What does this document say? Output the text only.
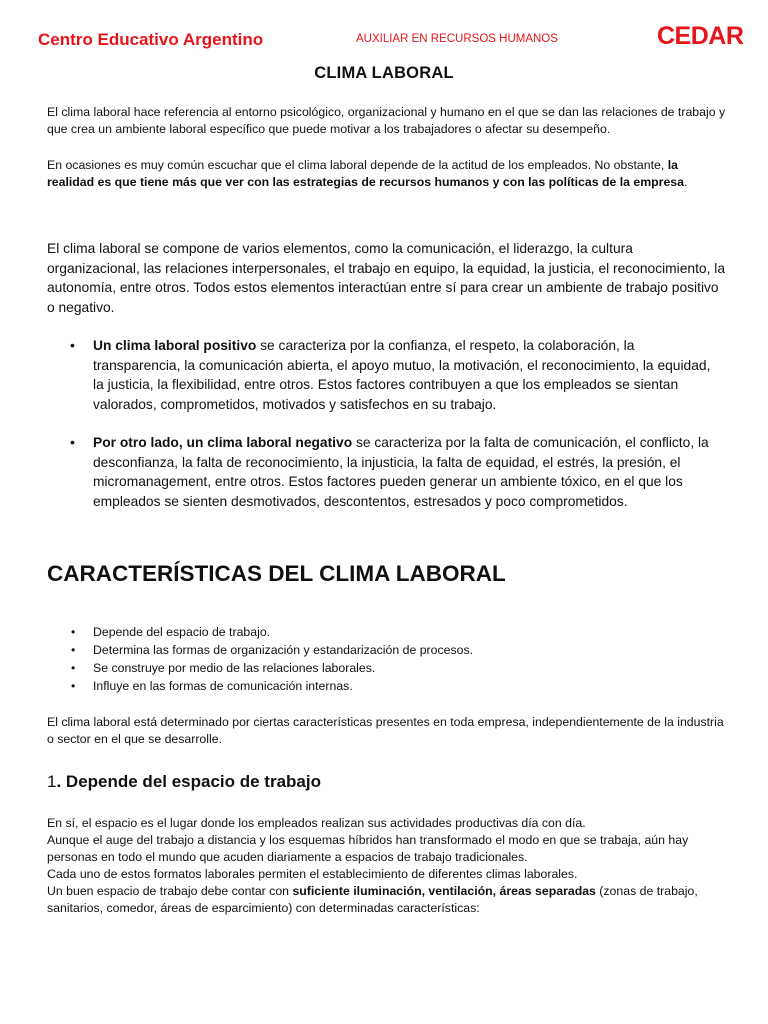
Centro Educativo Argentino	AUXILIAR EN RECURSOS HUMANOS	CEDAR
CLIMA LABORAL
El clima laboral hace referencia al entorno psicológico, organizacional y humano en el que se dan las relaciones de trabajo y que crea un ambiente laboral específico que puede motivar a los trabajadores o afectar su desempeño.
En ocasiones es muy común escuchar que el clima laboral depende de la actitud de los empleados. No obstante, la realidad es que tiene más que ver con las estrategias de recursos humanos y con las políticas de la empresa.
El clima laboral se compone de varios elementos, como la comunicación, el liderazgo, la cultura organizacional, las relaciones interpersonales, el trabajo en equipo, la equidad, la justicia, el reconocimiento, la autonomía, entre otros. Todos estos elementos interactúan entre sí para crear un ambiente de trabajo positivo o negativo.
• Un clima laboral positivo se caracteriza por la confianza, el respeto, la colaboración, la transparencia, la comunicación abierta, el apoyo mutuo, la motivación, el reconocimiento, la equidad, la justicia, la flexibilidad, entre otros. Estos factores contribuyen a que los empleados se sientan valorados, comprometidos, motivados y satisfechos en su trabajo.
• Por otro lado, un clima laboral negativo se caracteriza por la falta de comunicación, el conflicto, la desconfianza, la falta de reconocimiento, la injusticia, la falta de equidad, el estrés, la presión, el micromanagement, entre otros. Estos factores pueden generar un ambiente tóxico, en el que los empleados se sienten desmotivados, descontentos, estresados y poco comprometidos.
CARACTERÍSTICAS DEL CLIMA LABORAL
• Depende del espacio de trabajo.
• Determina las formas de organización y estandarización de procesos.
• Se construye por medio de las relaciones laborales.
• Influye en las formas de comunicación internas.
El clima laboral está determinado por ciertas características presentes en toda empresa, independientemente de la industria o sector en el que se desarrolle.
1. Depende del espacio de trabajo
En sí, el espacio es el lugar donde los empleados realizan sus actividades productivas día con día.
Aunque el auge del trabajo a distancia y los esquemas híbridos han transformado el modo en que se trabaja, aún hay personas en todo el mundo que acuden diariamente a espacios de trabajo tradicionales.
Cada uno de estos formatos laborales permiten el establecimiento de diferentes climas laborales.
Un buen espacio de trabajo debe contar con suficiente iluminación, ventilación, áreas separadas (zonas de trabajo, sanitarios, comedor, áreas de esparcimiento) con determinadas características:
